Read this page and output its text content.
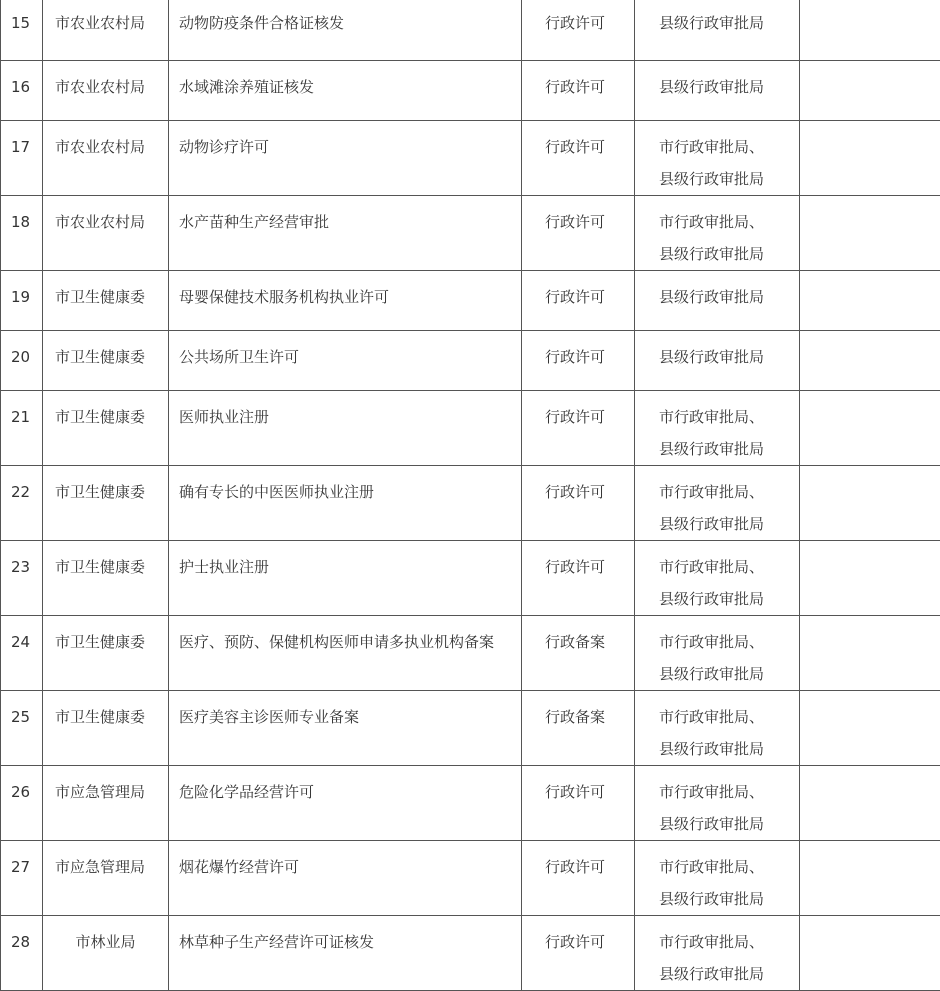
15	市农业农村局	动物防疫条件合格证核发	行政许可	县级行政审批局	

16	市农业农村局	水域滩涂养殖证核发	行政许可	县级行政审批局	

17	市农业农村局	动物诊疗许可	行政许可	市行政审批局、
县级行政审批局	

18	市农业农村局	水产苗种生产经营审批	行政许可	市行政审批局、
县级行政审批局	

19	市卫生健康委	母婴保健技术服务机构执业许可	行政许可	县级行政审批局	

20	市卫生健康委	公共场所卫生许可	行政许可	县级行政审批局	

21	市卫生健康委	医师执业注册	行政许可	市行政审批局、
县级行政审批局	

22	市卫生健康委	确有专长的中医医师执业注册	行政许可	市行政审批局、
县级行政审批局	

23	市卫生健康委	护士执业注册	行政许可	市行政审批局、
县级行政审批局	

24	市卫生健康委	医疗、预防、保健机构医师申请多执业机构备案	行政备案	市行政审批局、
县级行政审批局	

25	市卫生健康委	医疗美容主诊医师专业备案	行政备案	市行政审批局、
县级行政审批局	

26	市应急管理局	危险化学品经营许可	行政许可	市行政审批局、
县级行政审批局	

27	市应急管理局	烟花爆竹经营许可	行政许可	市行政审批局、
县级行政审批局	

28	市林业局	林草种子生产经营许可证核发	行政许可	市行政审批局、
县级行政审批局	
